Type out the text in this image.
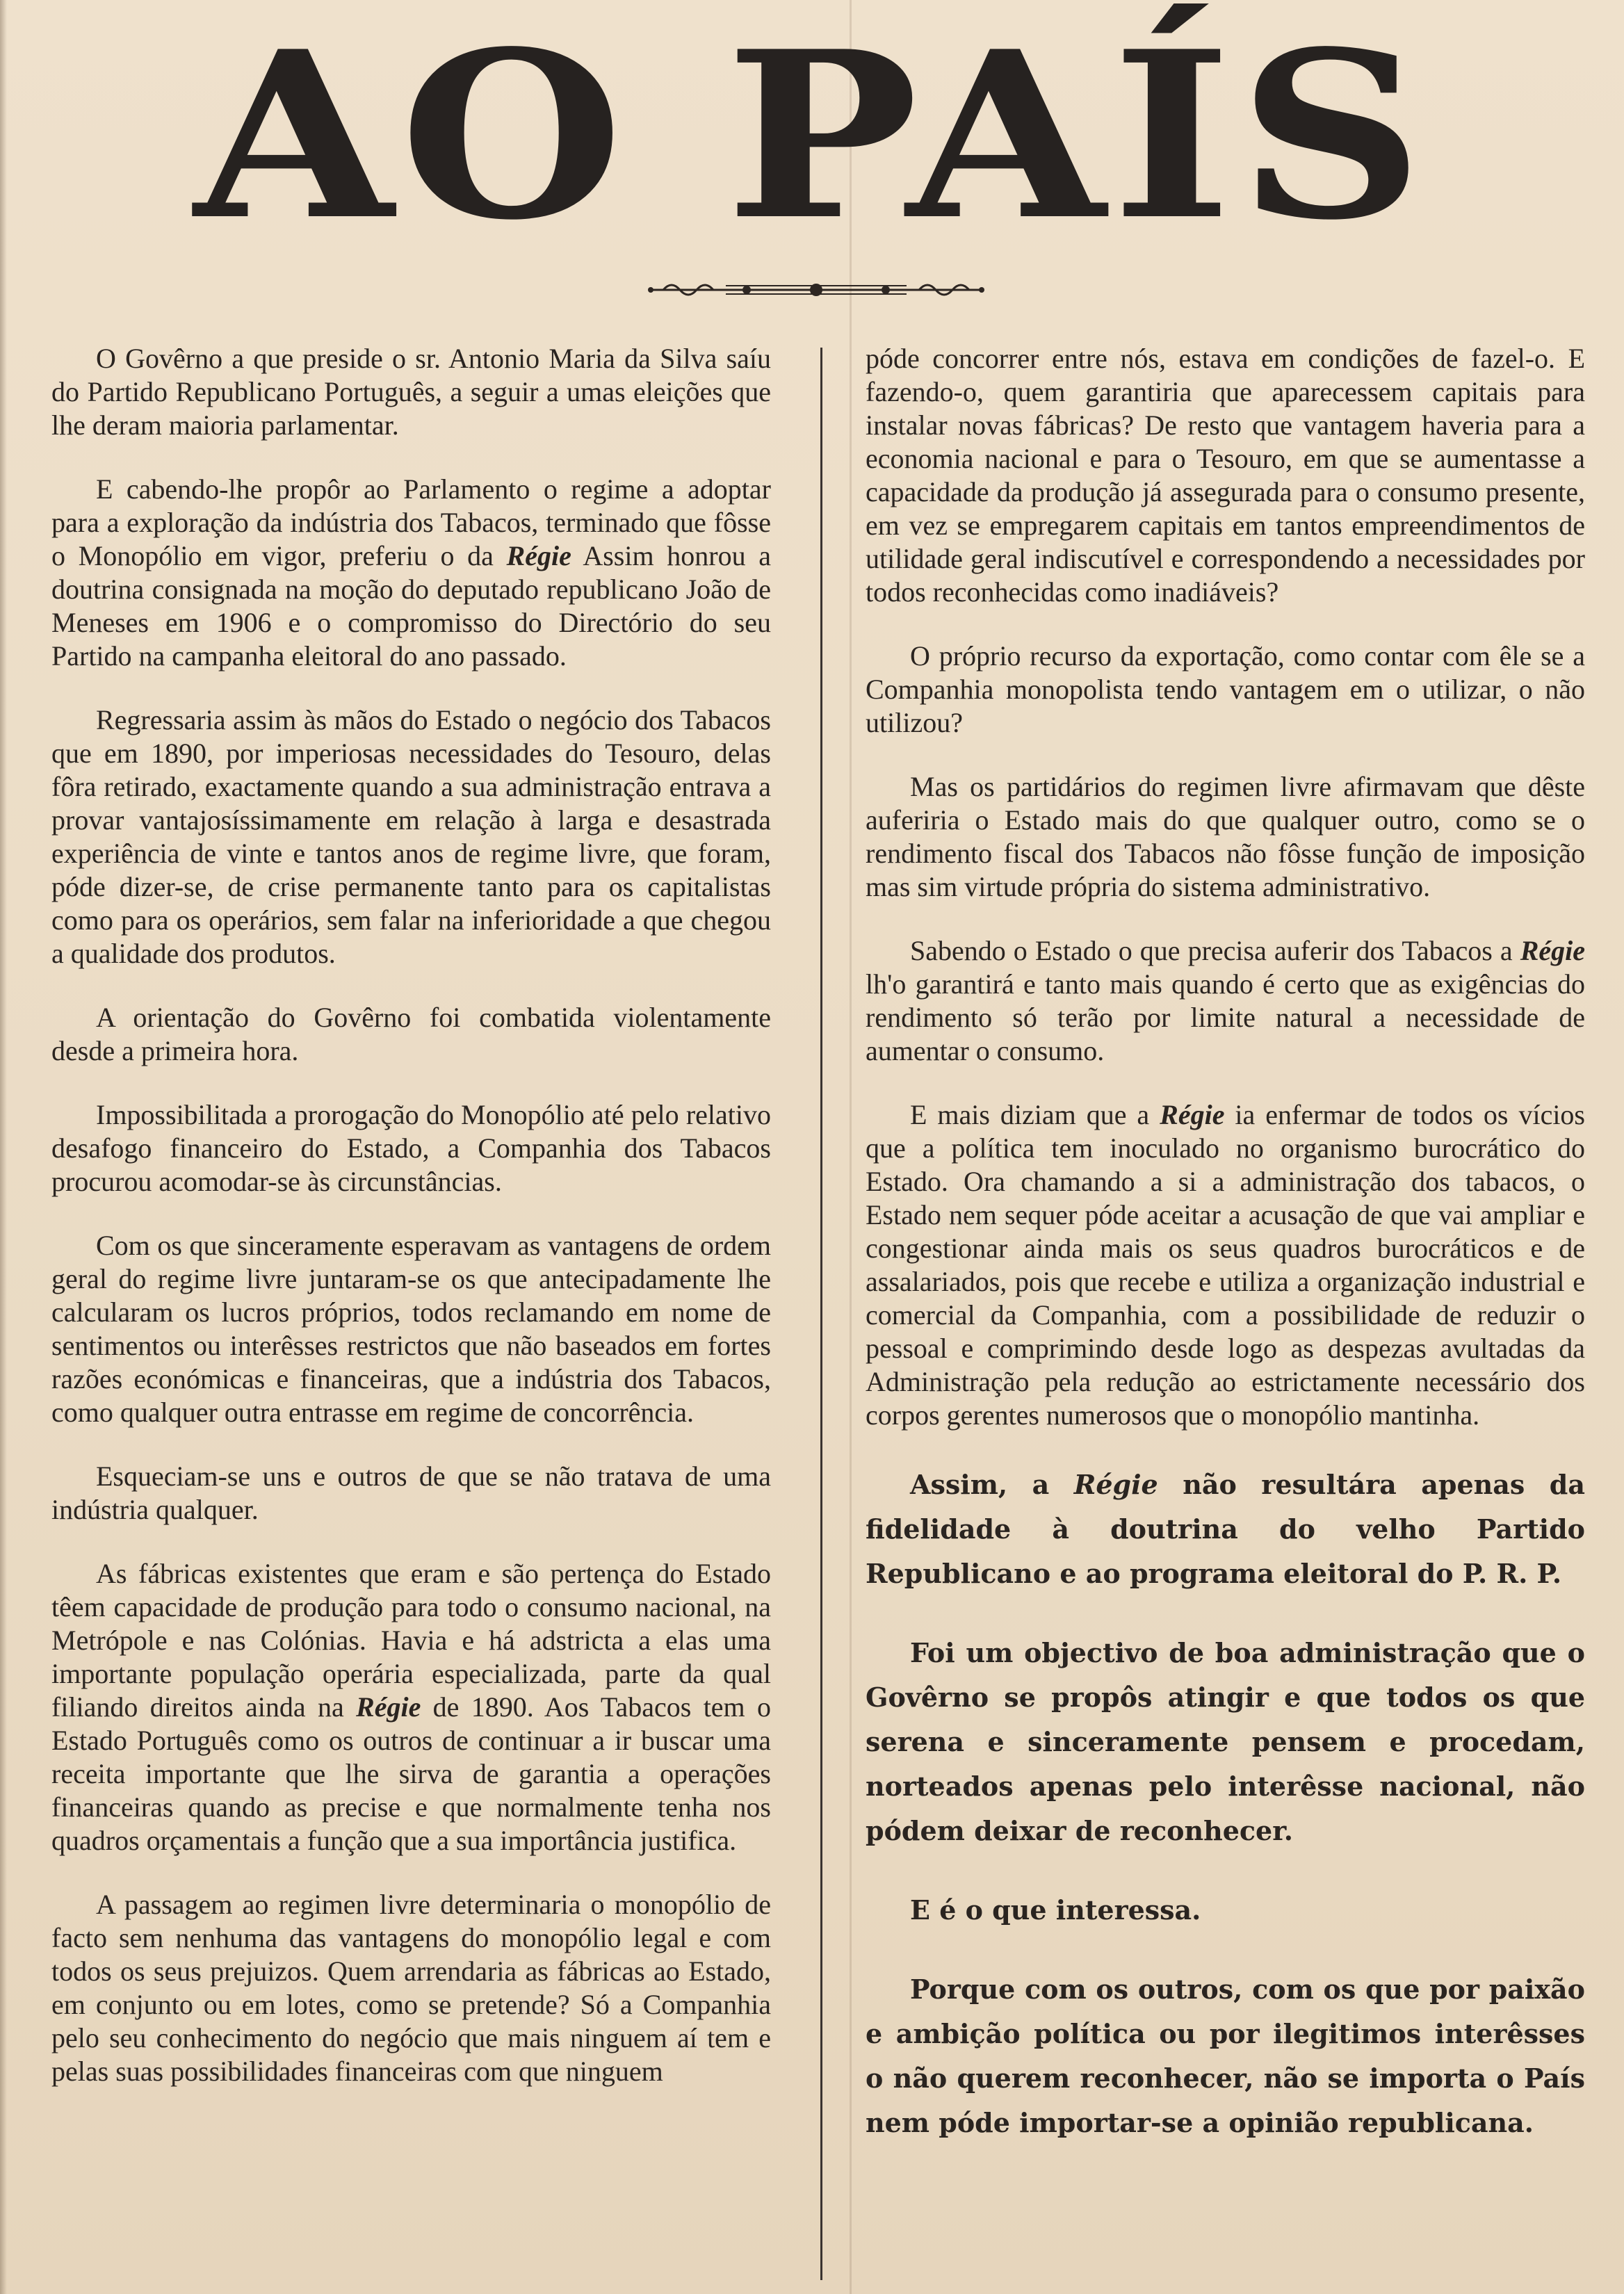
AO PAÍS

O Govêrno a que preside o sr. Antonio Maria da Silva saíu do Partido Republicano Português, a seguir a umas eleições que lhe deram maioria parlamentar.

E cabendo-lhe propôr ao Parlamento o regime a adoptar para a exploração da indústria dos Tabacos, terminado que fôsse o Monopólio em vigor, preferiu o da Régie Assim honrou a doutrina consignada na moção do deputado republicano João de Meneses em 1906 e o compromisso do Directório do seu Partido na campanha eleitoral do ano passado.

Regressaria assim às mãos do Estado o negócio dos Tabacos que em 1890, por imperiosas necessidades do Tesouro, delas fôra retirado, exactamente quando a sua administração entrava a provar vantajosíssimamente em relação à larga e desastrada experiência de vinte e tantos anos de regime livre, que foram, póde dizer-se, de crise permanente tanto para os capitalistas como para os operários, sem falar na inferioridade a que chegou a qualidade dos produtos.

A orientação do Govêrno foi combatida violentamente desde a primeira hora.

Impossibilitada a prorogação do Monopólio até pelo relativo desafogo financeiro do Estado, a Companhia dos Tabacos procurou acomodar-se às circunstâncias.

Com os que sinceramente esperavam as vantagens de ordem geral do regime livre juntaram-se os que antecipadamente lhe calcularam os lucros próprios, todos reclamando em nome de sentimentos ou interêsses restrictos que não baseados em fortes razões económicas e financeiras, que a indústria dos Tabacos, como qualquer outra entrasse em regime de concorrência.

Esqueciam-se uns e outros de que se não tratava de uma indústria qualquer.

As fábricas existentes que eram e são pertença do Estado têem capacidade de produção para todo o consumo nacional, na Metrópole e nas Colónias. Havia e há adstricta a elas uma importante população operária especializada, parte da qual filiando direitos ainda na Régie de 1890. Aos Tabacos tem o Estado Português como os outros de continuar a ir buscar uma receita importante que lhe sirva de garantia a operações financeiras quando as precise e que normalmente tenha nos quadros orçamentais a função que a sua importância justifica.

A passagem ao regimen livre determinaria o monopólio de facto sem nenhuma das vantagens do monopólio legal e com todos os seus prejuizos. Quem arrendaria as fábricas ao Estado, em conjunto ou em lotes, como se pretende? Só a Companhia pelo seu conhecimento do negócio que mais ninguem aí tem e pelas suas possibilidades financeiras com que ninguem

póde concorrer entre nós, estava em condições de fazel-o. E fazendo-o, quem garantiria que aparecessem capitais para instalar novas fábricas? De resto que vantagem haveria para a economia nacional e para o Tesouro, em que se aumentasse a capacidade da produção já assegurada para o consumo presente, em vez se empregarem capitais em tantos empreendimentos de utilidade geral indiscutível e correspondendo a necessidades por todos reconhecidas como inadiáveis?

O próprio recurso da exportação, como contar com êle se a Companhia monopolista tendo vantagem em o utilizar, o não utilizou?

Mas os partidários do regimen livre afirmavam que dêste auferiria o Estado mais do que qualquer outro, como se o rendimento fiscal dos Tabacos não fôsse função de imposição mas sim virtude própria do sistema administrativo.

Sabendo o Estado o que precisa auferir dos Tabacos a Régie lh'o garantirá e tanto mais quando é certo que as exigências do rendimento só terão por limite natural a necessidade de aumentar o consumo.

E mais diziam que a Régie ia enfermar de todos os vícios que a política tem inoculado no organismo burocrático do Estado. Ora chamando a si a administração dos tabacos, o Estado nem sequer póde aceitar a acusação de que vai ampliar e congestionar ainda mais os seus quadros burocráticos e de assalariados, pois que recebe e utiliza a organização industrial e comercial da Companhia, com a possibilidade de reduzir o pessoal e comprimindo desde logo as despezas avultadas da Administração pela redução ao estrictamente necessário dos corpos gerentes numerosos que o monopólio mantinha.

Assim, a Régie não resultára apenas da fidelidade à doutrina do velho Partido Republicano e ao programa eleitoral do P. R. P.

Foi um objectivo de boa administração que o Govêrno se propôs atingir e que todos os que serena e sinceramente pensem e procedam, norteados apenas pelo interêsse nacional, não pódem deixar de reconhecer.

E é o que interessa.

Porque com os outros, com os que por paixão e ambição política ou por ilegitimos interêsses o não querem reconhecer, não se importa o País nem póde importar-se a opinião republicana.
